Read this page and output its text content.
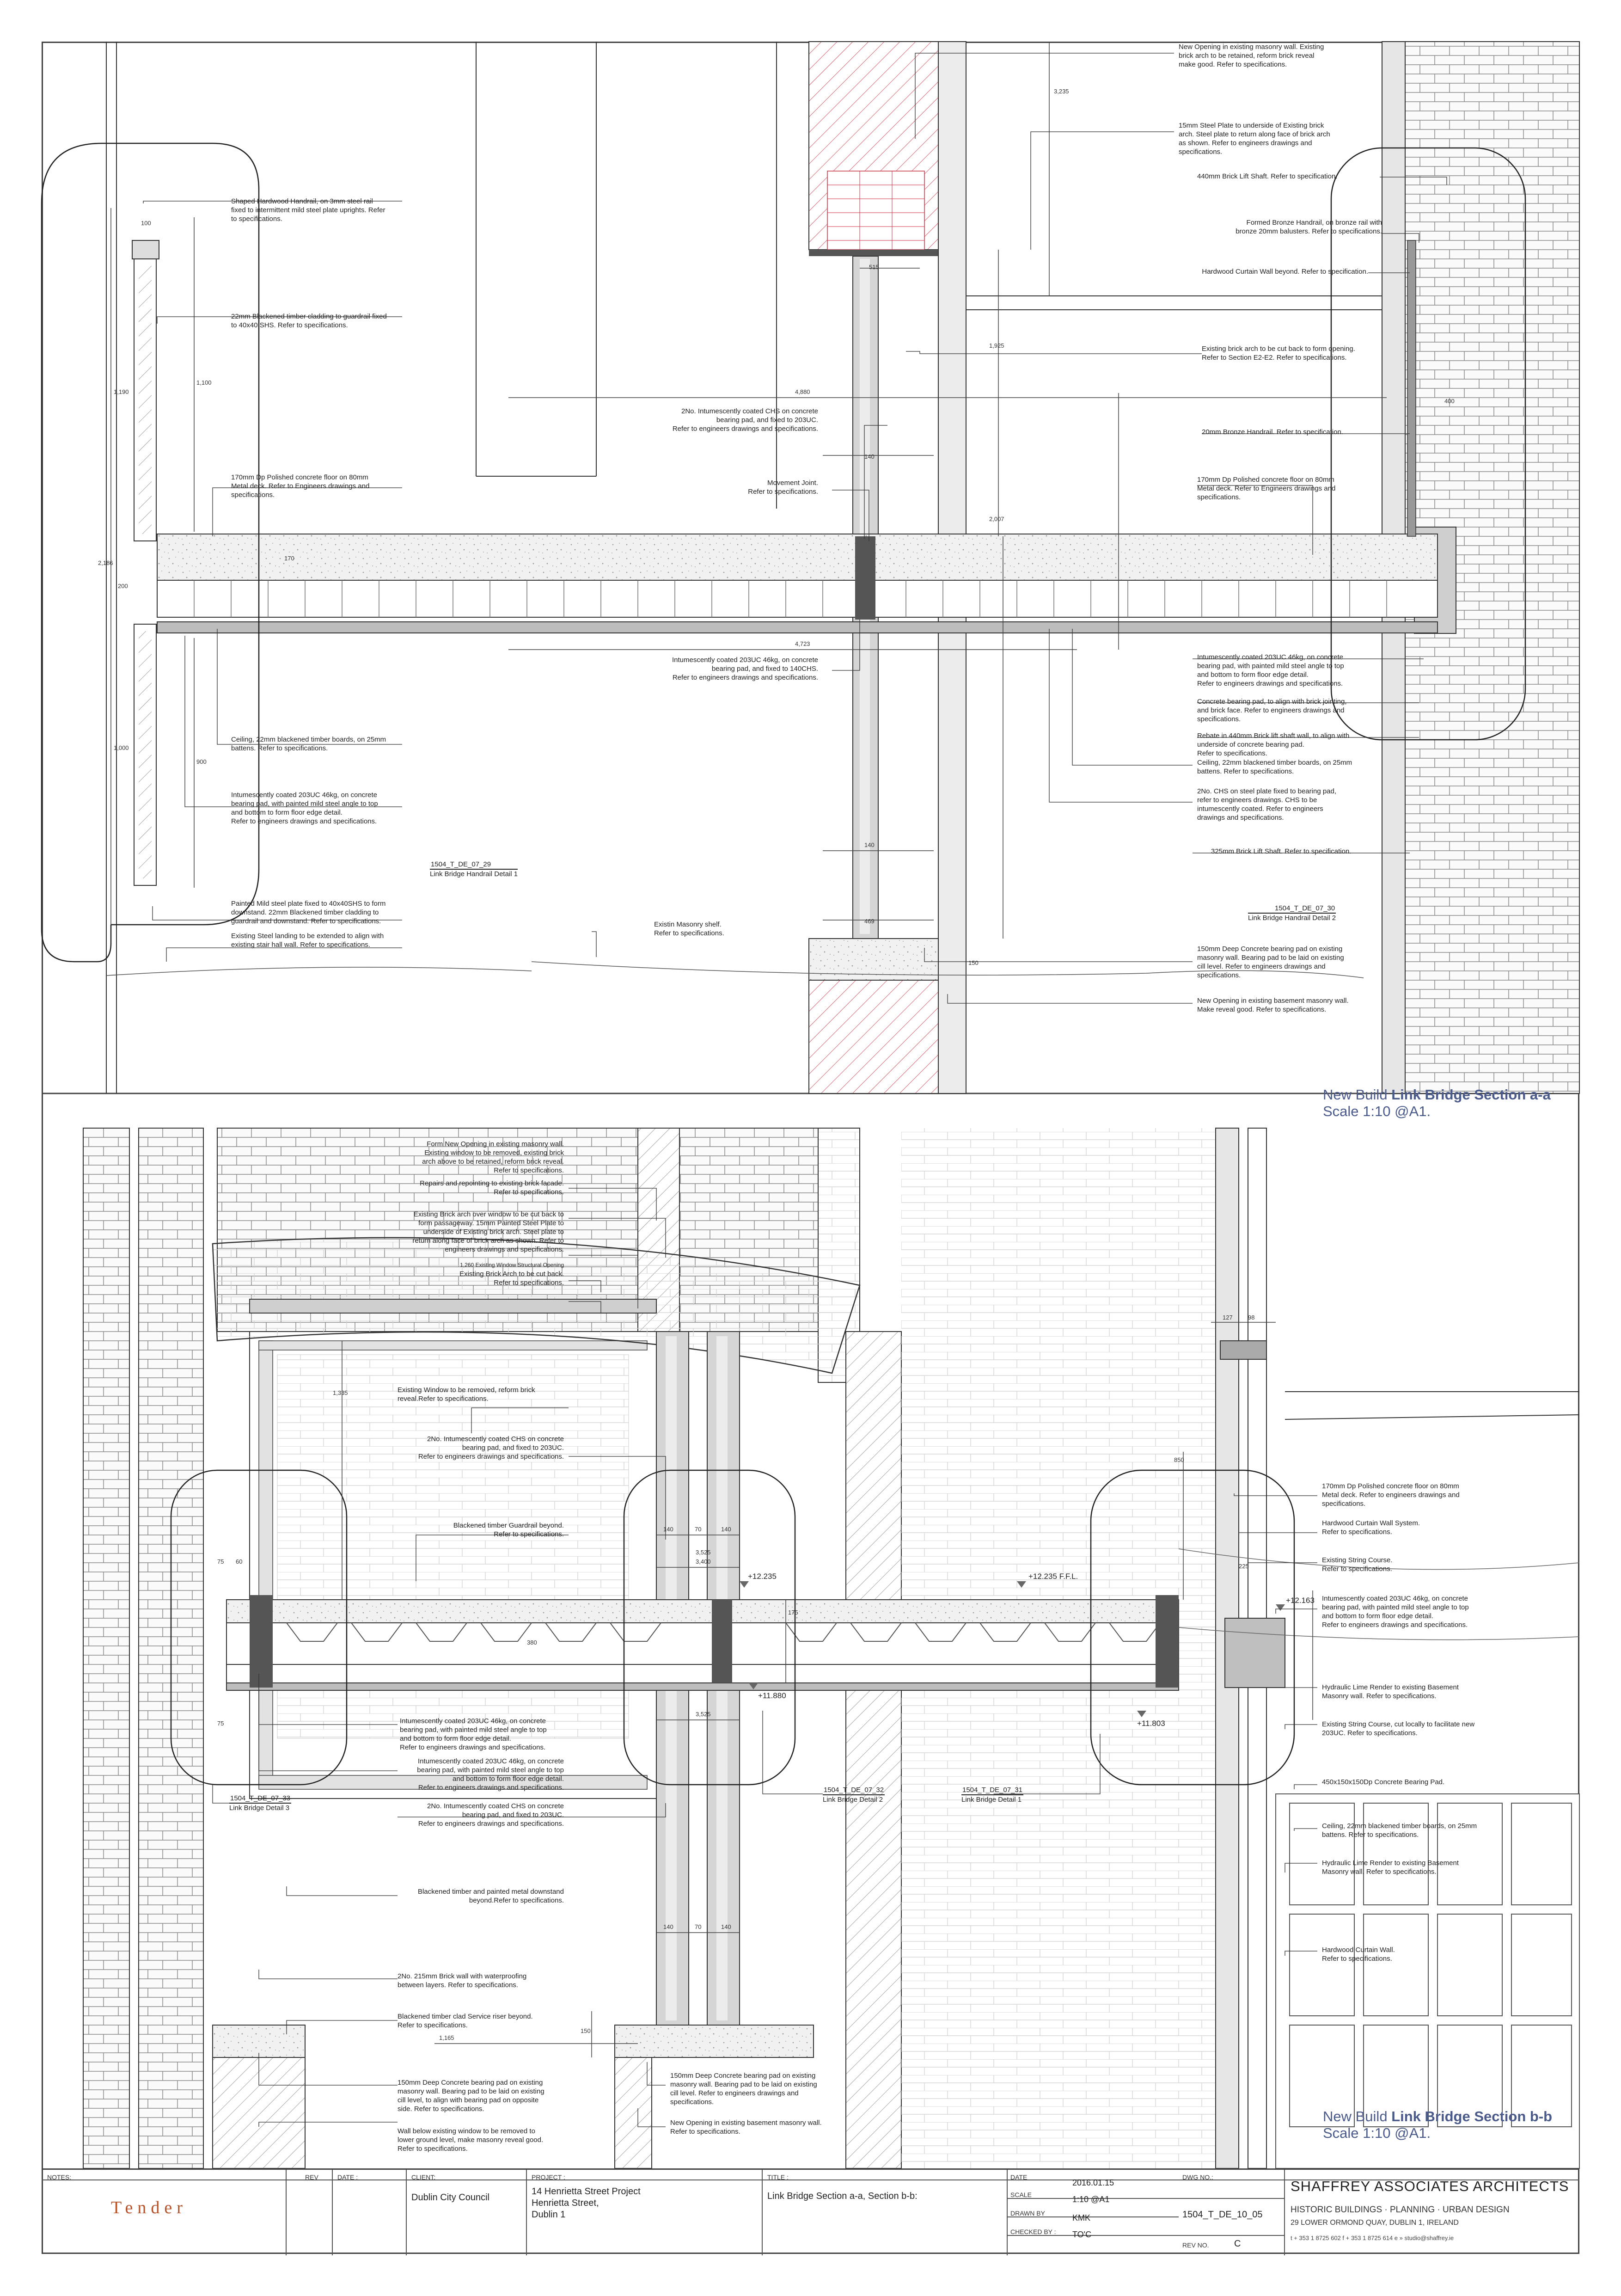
New Opening in existing masonry wall. Existing
brick arch to be retained, reform brick reveal
make good. Refer to specifications.
15mm Steel Plate to underside of Existing brick
arch. Steel plate to return along face of brick arch
as shown. Refer to engineers drawings and
specifications.
440mm Brick Lift Shaft. Refer to specification.
Formed Bronze Handrail, on bronze rail with
bronze 20mm balusters. Refer to specifications.
Hardwood Curtain Wall beyond. Refer to specification.
Existing brick arch to be cut back to form opening.
Refer to Section E2-E2. Refer to specifications.
20mm Bronze Handrail. Refer to specification.
170mm Dp Polished concrete floor on 80mm
Metal deck. Refer to Engineers drawings and
specifications.
Intumescently coated 203UC 46kg, on concrete
bearing pad, with painted mild steel angle to top
and bottom to form floor edge detail.
Refer to engineers drawings and specifications.
Concrete bearing pad, to align with brick jointing,
and brick face. Refer to engineers drawings and
specifications.
Rebate in 440mm Brick lift shaft wall, to align with
underside of concrete bearing pad.
Refer to specifications.
Ceiling, 22mm blackened timber boards, on 25mm
battens. Refer to specifications.
2No. CHS on steel plate fixed to bearing pad,
refer to engineers drawings. CHS to be
intumescently coated. Refer to engineers
drawings and specifications.
325mm Brick Lift Shaft. Refer to specification.
150mm Deep Concrete bearing pad on existing
masonry wall. Bearing pad to be laid on existing
cill level. Refer to engineers drawings and
specifications.
New Opening in existing basement masonry wall.
Make reveal good. Refer to specifications.
Shaped Hardwood Handrail, on 3mm steel rail
fixed to intermittent mild steel plate uprights. Refer
to specifications.
22mm Blackened timber cladding to guardrail fixed
to 40x40 SHS. Refer to specifications.
170mm Dp Polished concrete floor on 80mm
Metal deck. Refer to Engineers drawings and
specifications.
Ceiling, 22mm blackened timber boards, on 25mm
battens. Refer to specifications.
Intumescently coated 203UC 46kg, on concrete
bearing pad, with painted mild steel angle to top
and bottom to form floor edge detail.
Refer to engineers drawings and specifications.
Painted Mild steel plate fixed to 40x40SHS to form
downstand. 22mm Blackened timber cladding to
guardrail and downstand. Refer to specifications.
Existing Steel landing to be extended to align with
existing stair hall wall. Refer to specifications.
2No. Intumescently coated CHS on concrete
bearing pad, and fixed to 203UC.
Refer to engineers drawings and specifications.
Movement Joint.
Refer to specifications.
Intumescently coated 203UC 46kg, on concrete
bearing pad, and fixed to 140CHS.
Refer to engineers drawings and specifications.
Existin Masonry shelf.
Refer to specifications.
1504_T_DE_07_29
Link Bridge Handrail Detail 1
1504_T_DE_07_30
Link Bridge Handrail Detail 2
3,235
4,880
140
2,007
4,723
140
469
150
1,925
1,190
1,100
1,000
900
2,186
515
100
400
200
170
New Build Link Bridge Section a-a
Scale 1:10 @A1.
Form New Opening in existing masonry wall.
Existing window to be removed, existing brick
arch above to be retained, reform brick reveal.
Refer to specifications.
Repairs and repointing to existing brick facade.
Refer to specifications.
Existing Brick arch over window to be cut back to
form passageway. 15mm Painted Steel Plate to
underside of Existing brick arch. Steel plate to
return along face of brick arch as shown. Refer to
engineers drawings and specifications.
1,260 Existing Window Structural Opening
Existing Brick Arch to be cut back.
Refer to specifications.
Existing Window to be removed, reform brick
reveal.Refer to specifications.
2No. Intumescently coated CHS on concrete
bearing pad, and fixed to 203UC.
Refer to engineers drawings and specifications.
Blackened timber Guardrail beyond.
Refer to specifications.
Intumescently coated 203UC 46kg, on concrete
bearing pad, with painted mild steel angle to top
and bottom to form floor edge detail.
Refer to engineers drawings and specifications.
Intumescently coated 203UC 46kg, on concrete
bearing pad, with painted mild steel angle to top
and bottom to form floor edge detail.
Refer to engineers drawings and specifications.
2No. Intumescently coated CHS on concrete
bearing pad, and fixed to 203UC.
Refer to engineers drawings and specifications.
Blackened timber and painted metal downstand
beyond.Refer to specifications.
2No. 215mm Brick wall with waterproofing
between layers. Refer to specifications.
Blackened timber clad Service riser beyond.
Refer to specifications.
150mm Deep Concrete bearing pad on existing
masonry wall. Bearing pad to be laid on existing
cill level, to align with bearing pad on opposite
side. Refer to specifications.
Wall below existing window to be removed to
lower ground level, make masonry reveal good.
Refer to specifications.
150mm Deep Concrete bearing pad on existing
masonry wall. Bearing pad to be laid on existing
cill level. Refer to engineers drawings and
specifications.
New Opening in existing basement masonry wall.
Refer to specifications.
170mm Dp Polished concrete floor on 80mm
Metal deck. Refer to engineers drawings and
specifications.
Hardwood Curtain Wall System.
Refer to specifications.
Existing String Course.
Refer to specifications.
Intumescently coated 203UC 46kg, on concrete
bearing pad, with painted mild steel angle to top
and bottom to form floor edge detail.
Refer to engineers drawings and specifications.
Hydraulic Lime Render to existing Basement
Masonry wall. Refer to specifications.
Existing String Course, cut locally to facilitate new
203UC. Refer to specifications.
450x150x150Dp Concrete Bearing Pad.
Ceiling, 22mm blackened timber boards, on 25mm
battens. Refer to specifications.
Hydraulic Lime Render to existing Basement
Masonry wall. Refer to specifications.
Hardwood Curtain Wall.
Refer to specifications.
1504_T_DE_07_33
Link Bridge Detail 3
1504_T_DE_07_32
Link Bridge Detail 2
1504_T_DE_07_31
Link Bridge Detail 1
+12.235	+12.235 F.F.L.
+12.163
+11.880
+11.803
1,335
140	70	140
3,525
3,400
3,525
140	70	140
150
1,165
127	98
225
75 60
175
380
75
850
New Build Link Bridge Section b-b
Scale 1:10 @A1.
NOTES:
Tender
REV	DATE :	CLIENT:
Dublin City Council
PROJECT :
14 Henrietta Street Project
Henrietta Street,
Dublin 1
TITLE :
Link Bridge Section a-a, Section b-b:
DATE
2016.01.15
SCALE	1:10 @A1
DRAWN BY	KMK
CHECKED BY : TO'C
DWG NO.:
1504_T_DE_10_05
REV NO.	C
SHAFFREY ASSOCIATES ARCHITECTS
HISTORIC BUILDINGS · PLANNING · URBAN DESIGN
29 LOWER ORMOND QUAY, DUBLIN 1, IRELAND
t + 353 1 8725 602 f + 353 1 8725 614 e » studio@shaffrey.ie
